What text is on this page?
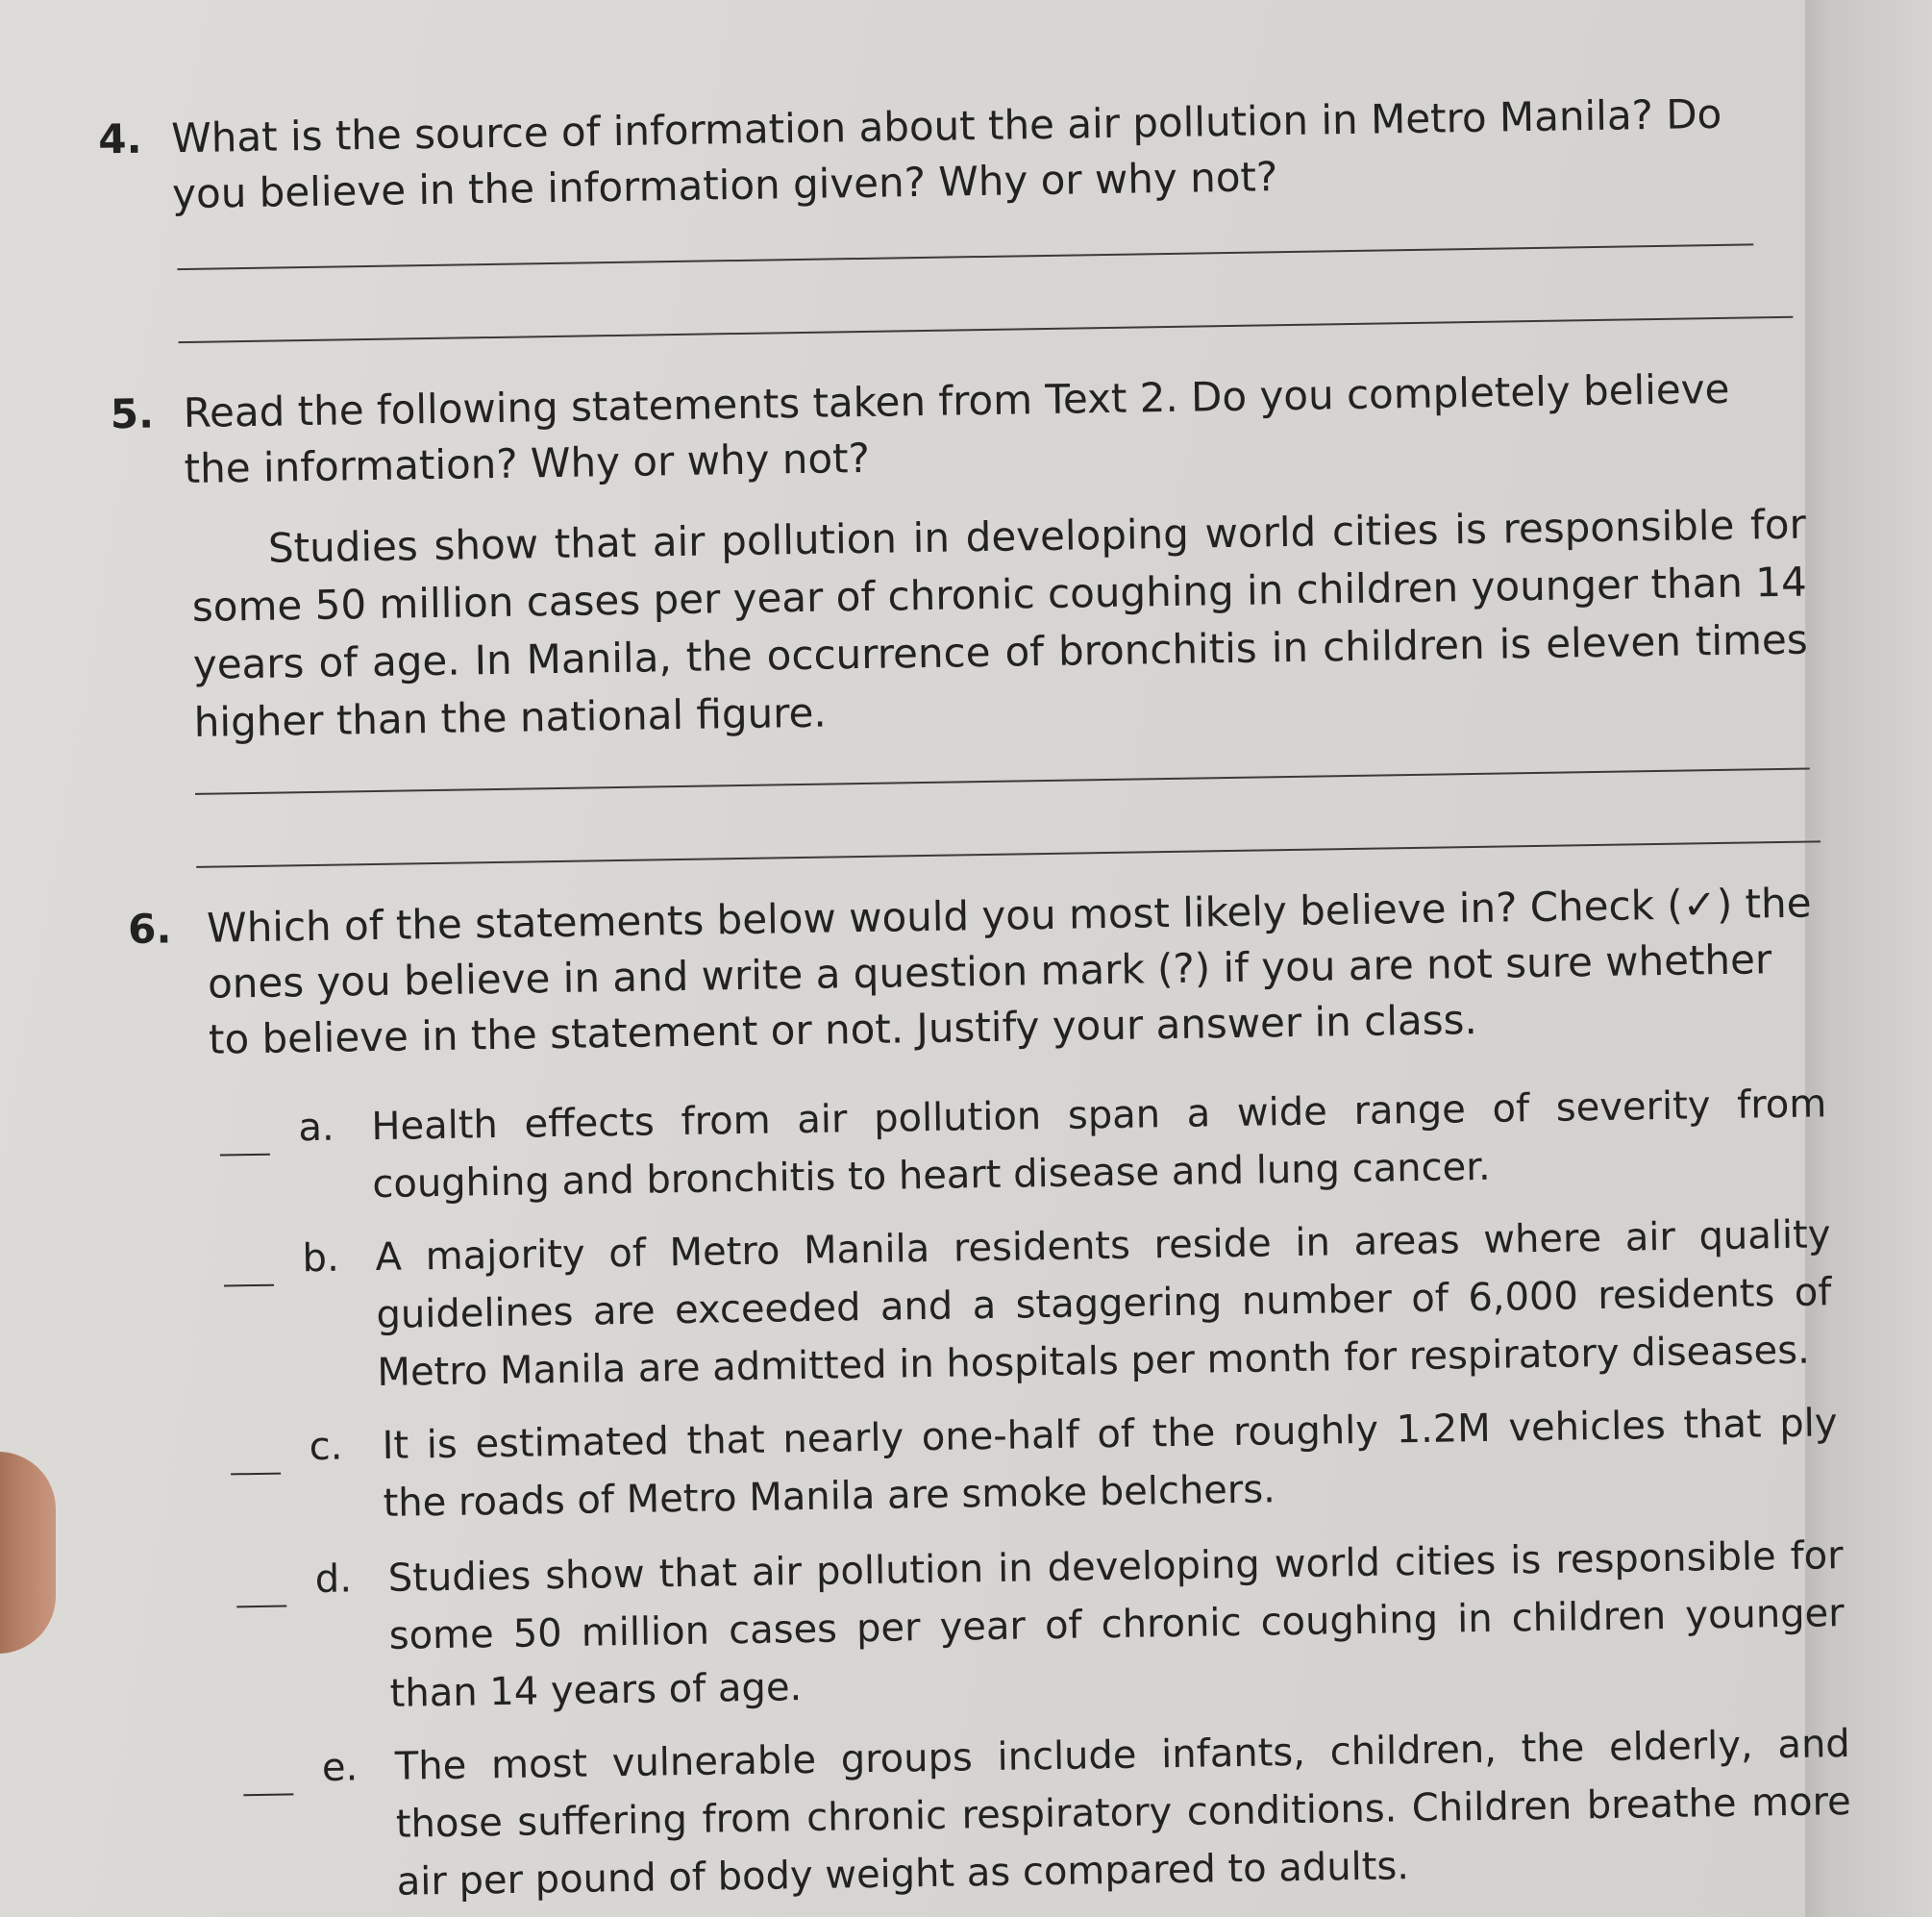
4. What is the source of information about the air pollution in Metro Manila? Do you believe in the information given? Why or why not?
5. Read the following statements taken from Text 2. Do you completely believe the information? Why or why not?
Studies show that air pollution in developing world cities is responsible for some 50 million cases per year of chronic coughing in children younger than 14 years of age. In Manila, the occurrence of bronchitis in children is eleven times higher than the national figure.
6. Which of the statements below would you most likely believe in? Check (✓) the ones you believe in and write a question mark (?) if you are not sure whether to believe in the statement or not. Justify your answer in class.
a. Health effects from air pollution span a wide range of severity from coughing and bronchitis to heart disease and lung cancer.
b. A majority of Metro Manila residents reside in areas where air quality guidelines are exceeded and a staggering number of 6,000 residents of Metro Manila are admitted in hospitals per month for respiratory diseases.
c.	It is estimated that nearly one-half of the roughly 1.2M vehicles that ply the roads of Metro Manila are smoke belchers.
d. Studies show that air pollution in developing world cities is responsible for some 50 million cases per year of chronic coughing in children younger than 14 years of age.
e. The most vulnerable groups include infants, children, the elderly, and those suffering from chronic respiratory conditions. Children breathe more air per pound of body weight as compared to adults.
